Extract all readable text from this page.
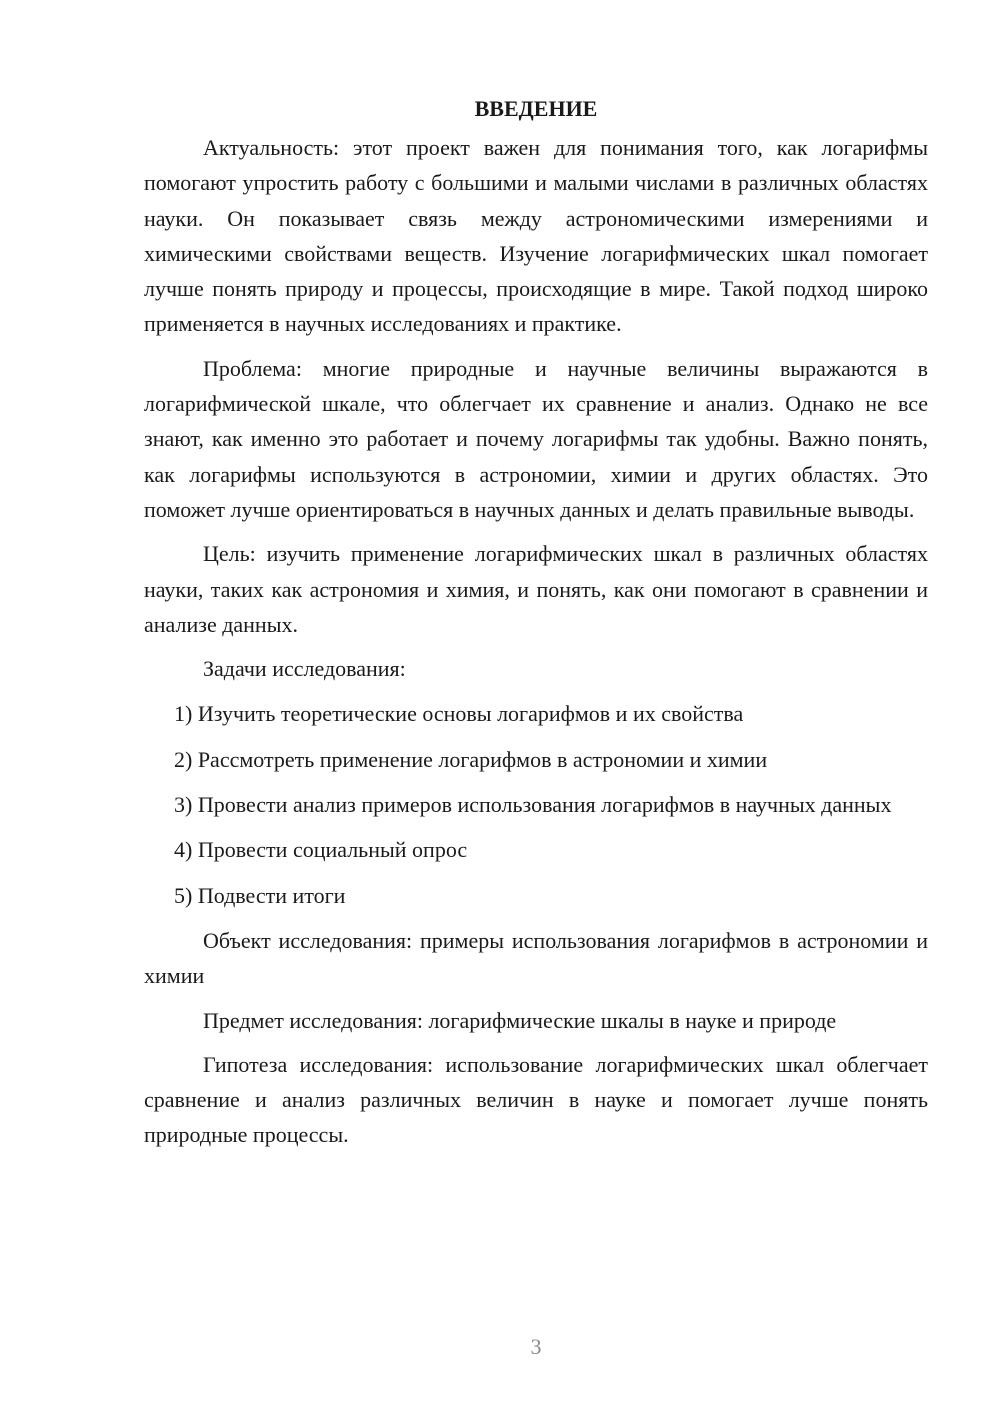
ВВЕДЕНИЕ

Актуальность: этот проект важен для понимания того, как логарифмы помогают упростить работу с большими и малыми числами в различных областях науки. Он показывает связь между астрономическими измерениями и химическими свойствами веществ. Изучение логарифмических шкал помогает лучше понять природу и процессы, происходящие в мире. Такой подход широко применяется в научных исследованиях и практике.

Проблема: многие природные и научные величины выражаются в логарифмической шкале, что облегчает их сравнение и анализ. Однако не все знают, как именно это работает и почему логарифмы так удобны. Важно понять, как логарифмы используются в астрономии, химии и других областях. Это поможет лучше ориентироваться в научных данных и делать правильные выводы.

Цель: изучить применение логарифмических шкал в различных областях науки, таких как астрономия и химия, и понять, как они помогают в сравнении и анализе данных.

Задачи исследования:

1) Изучить теоретические основы логарифмов и их свойства

2) Рассмотреть применение логарифмов в астрономии и химии

3) Провести анализ примеров использования логарифмов в научных данных

4) Провести социальный опрос

5) Подвести итоги

Объект исследования: примеры использования логарифмов в астрономии и химии

Предмет исследования: логарифмические шкалы в науке и природе

Гипотеза исследования: использование логарифмических шкал облегчает сравнение и анализ различных величин в науке и помогает лучше понять природные процессы.

3
